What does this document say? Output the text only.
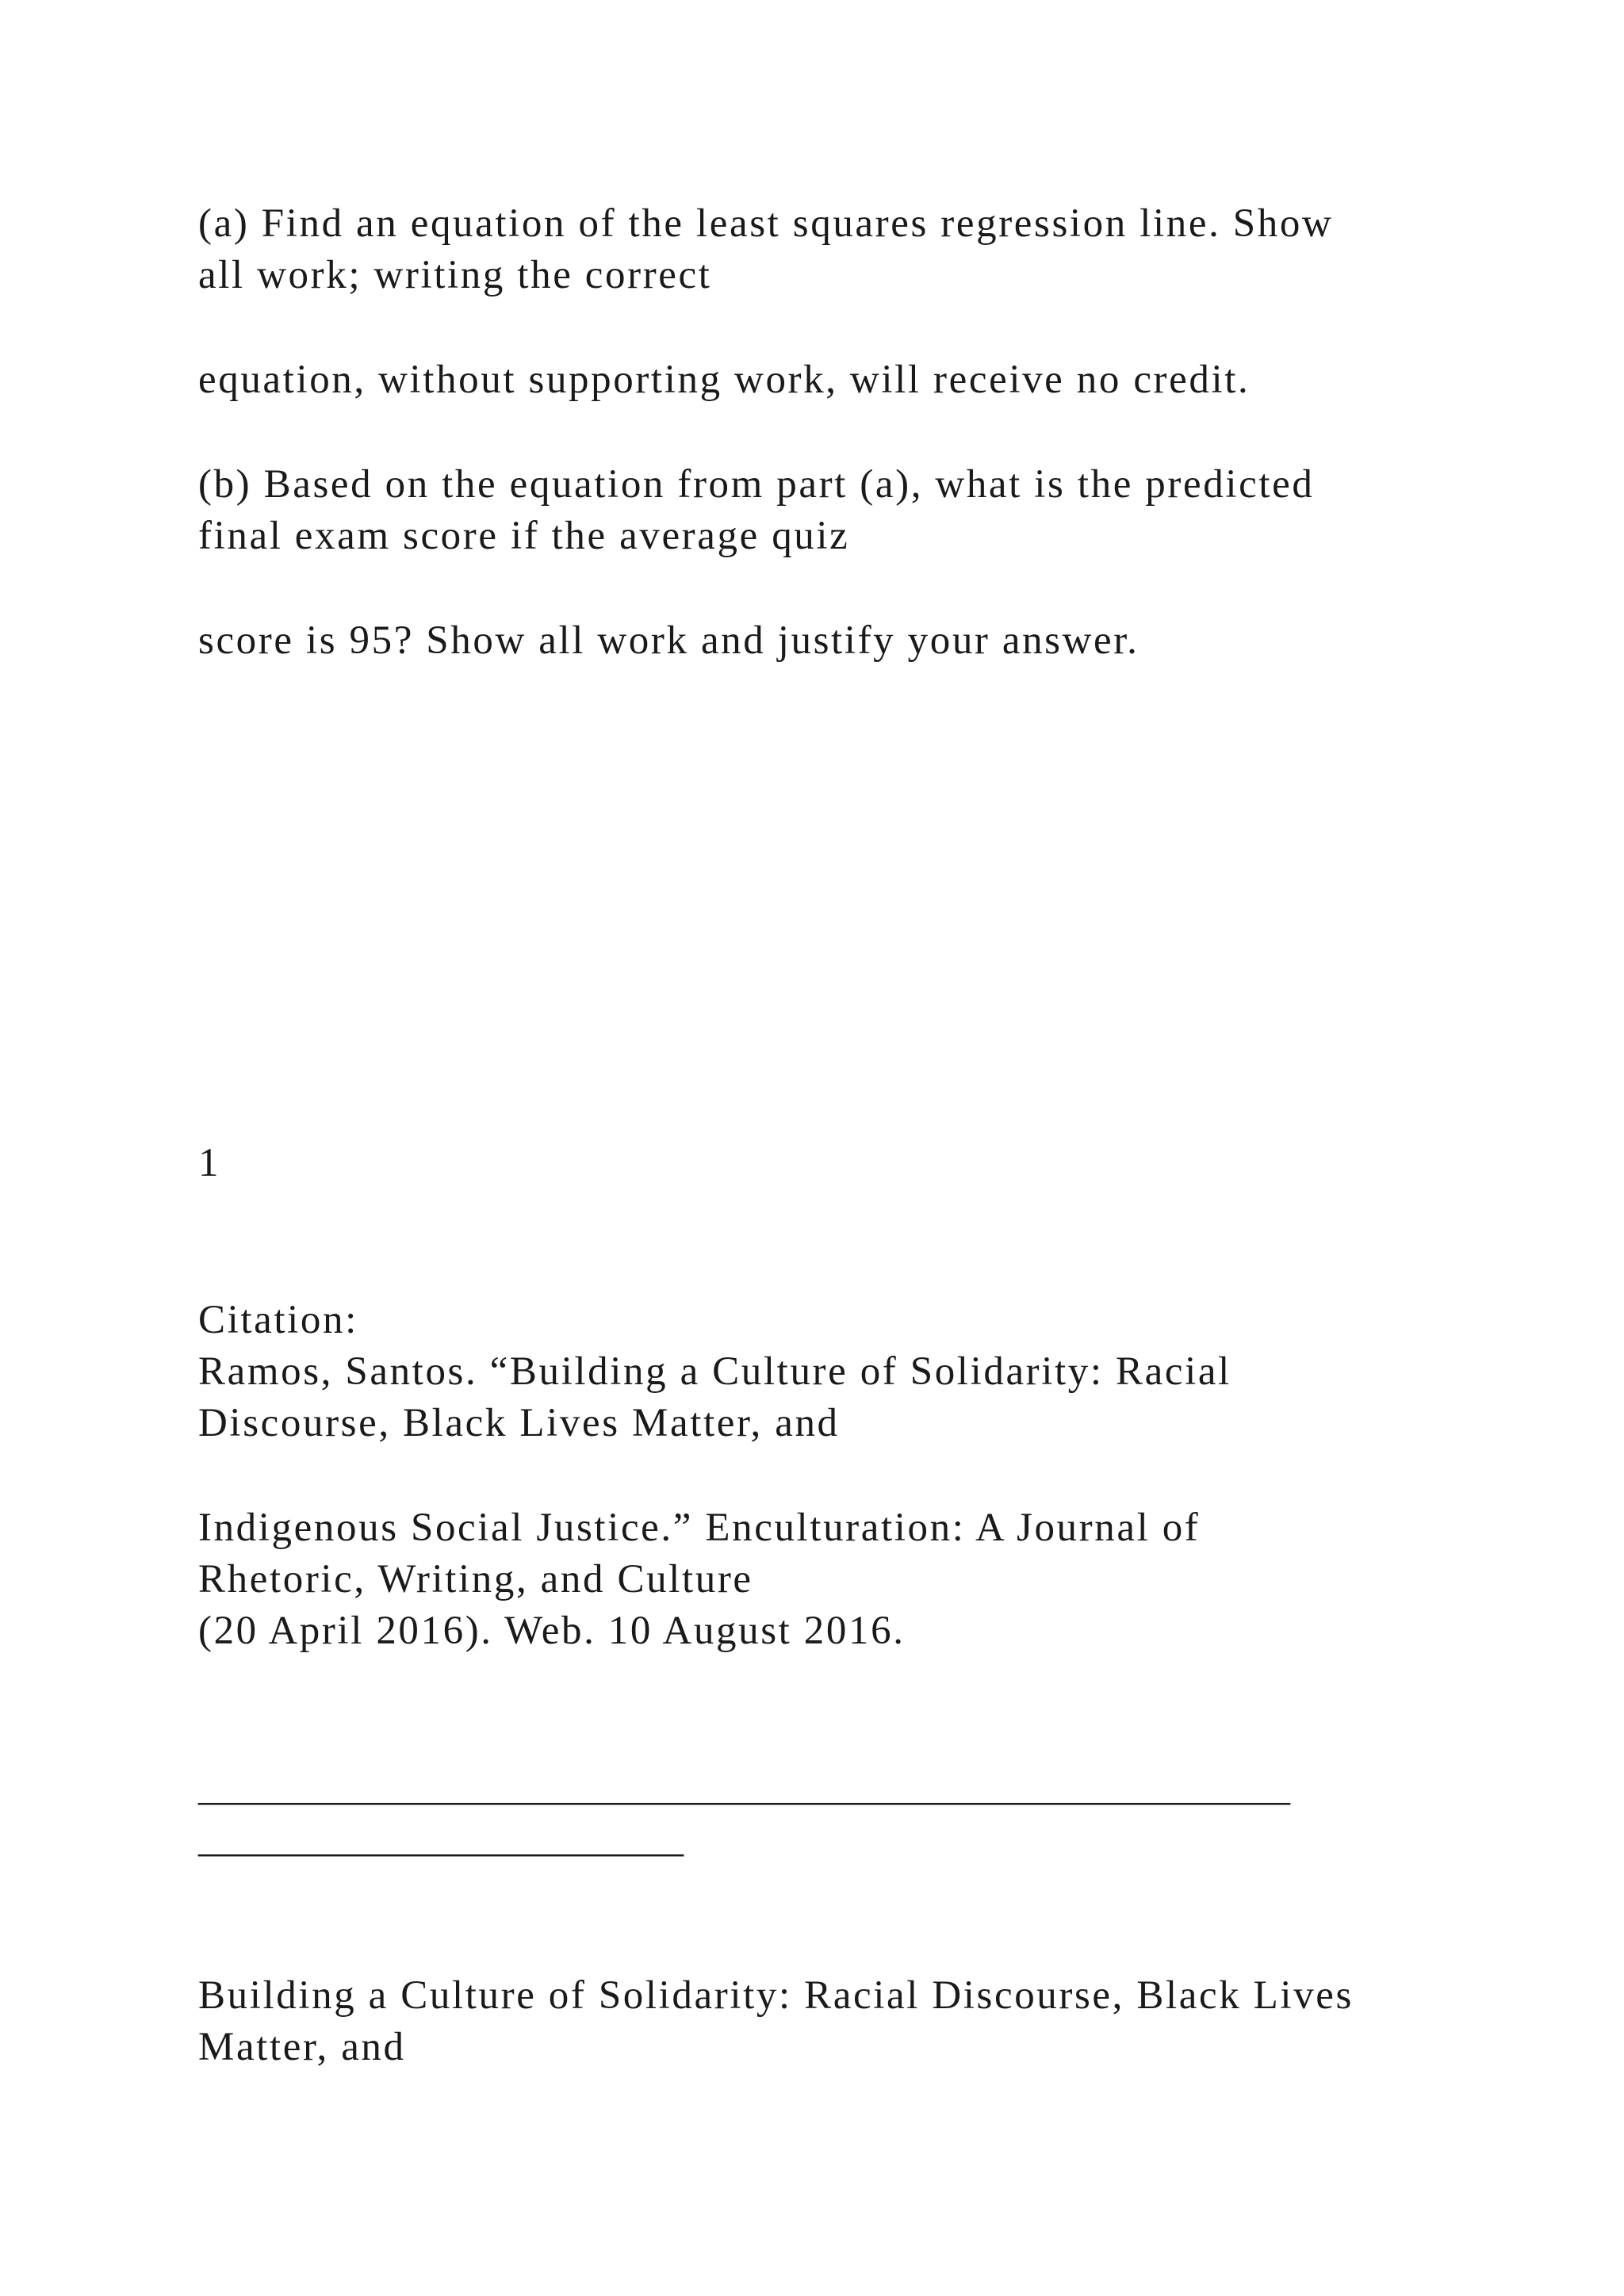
(a) Find an equation of the least squares regression line. Show
all work; writing the correct
equation, without supporting work, will receive no credit.
(b) Based on the equation from part (a), what is the predicted
final exam score if the average quiz
score is 95? Show all work and justify your answer.
1
Citation:
Ramos, Santos. “Building a Culture of Solidarity: Racial
Discourse, Black Lives Matter, and
Indigenous Social Justice.” Enculturation: A Journal of
Rhetoric, Writing, and Culture
(20 April 2016). Web. 10 August 2016.
______________________________________________________
________________________
Building a Culture of Solidarity: Racial Discourse, Black Lives
Matter, and
